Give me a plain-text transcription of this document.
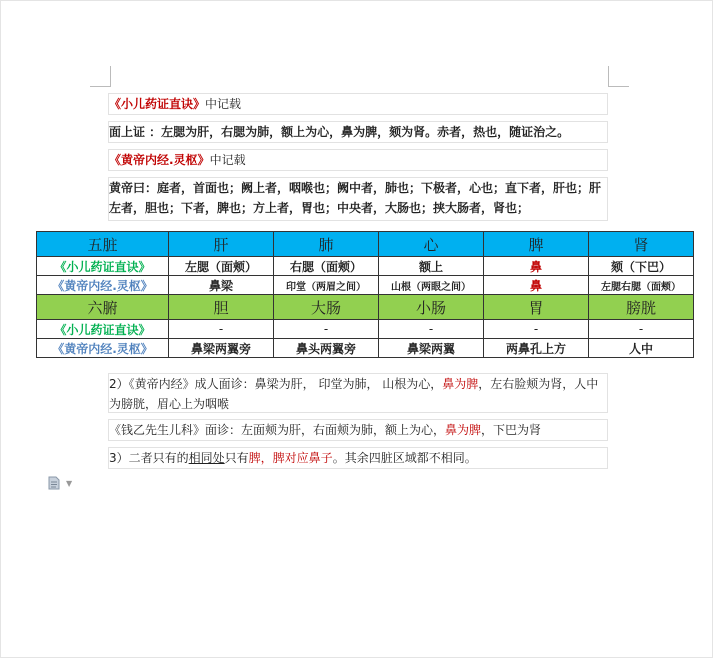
《小儿药证直诀》中记载
面上证 ：左腮为肝，右腮为肺，额上为心，鼻为脾，颏为肾。赤者，热也，随证治之。
《黄帝内经.灵枢》中记载
黄帝曰：庭者，首面也；阙上者，咽喉也；阙中者，肺也；下极者，心也；直下者，肝也；肝左者，胆也；下者，脾也；方上者，胃也；中央者，大肠也；挟大肠者，肾也；
五脏	肝	肺	心	脾	肾
《小儿药证直诀》	左腮（面颊）	右腮（面颊）	额上	鼻	颏（下巴）
《黄帝内经.灵枢》	鼻梁	印堂（两眉之间）	山根（两眼之间）	鼻	左腮右腮（面颊）
六腑	胆	大肠	小肠	胃	膀胱
《小儿药证直诀》	-	-	-	-	-
《黄帝内经.灵枢》	鼻梁两翼旁	鼻头两翼旁	鼻梁两翼	两鼻孔上方	人中
2）《黄帝内经》成人面诊：鼻梁为肝， 印堂为肺， 山根为心，鼻为脾，左右脸颊为肾，人中为膀胱，眉心上为咽喉
《钱乙先生儿科》面诊：左面颊为肝，右面颊为肺，额上为心，鼻为脾，下巴为肾
3）二者只有的相同处只有脾，脾对应鼻子。其余四脏区域都不相同。
▼
